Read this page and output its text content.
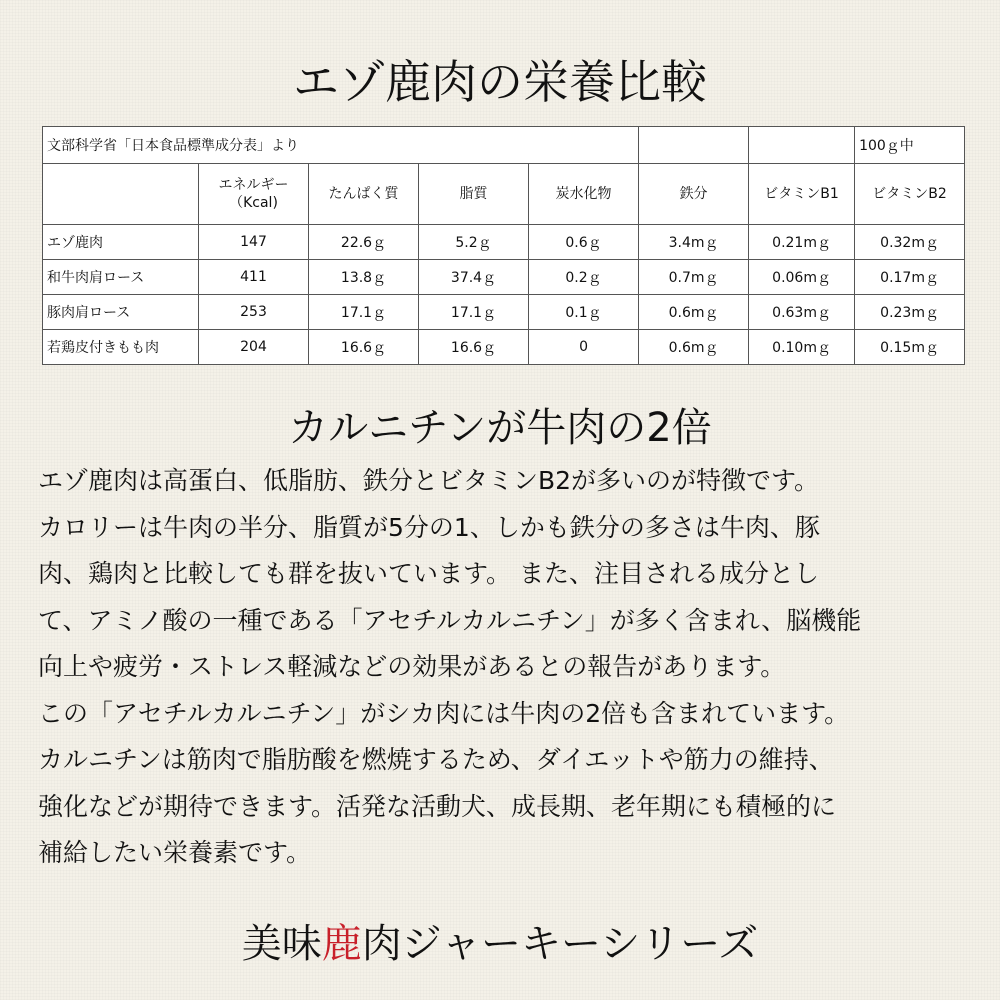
エゾ鹿肉の栄養比較
文部科学省「日本食品標準成分表」より							100ｇ中

	エネルギー
（Kcal)	たんぱく質	脂質	炭水化物	鉄分	ビタミンB1	ビタミンB2
エゾ鹿肉	147	22.6ｇ	5.2ｇ	0.6ｇ	3.4mｇ	0.21mｇ	0.32mｇ
和牛肉肩ロース	411	13.8ｇ	37.4ｇ	0.2ｇ	0.7mｇ	0.06mｇ	0.17mｇ
豚肉肩ロース	253	17.1ｇ	17.1ｇ	0.1ｇ	0.6mｇ	0.63mｇ	0.23mｇ
若鶏皮付きもも肉	204	16.6ｇ	16.6ｇ	0	0.6mｇ	0.10mｇ	0.15mｇ
カルニチンが牛肉の2倍

エゾ鹿肉は高蛋白、低脂肪、鉄分とビタミンB2が多いのが特徴です。
カロリーは牛肉の半分、脂質が5分の1、しかも鉄分の多さは牛肉、豚
肉、鶏肉と比較しても群を抜いています。 また、注目される成分とし
て、アミノ酸の一種である「アセチルカルニチン」が多く含まれ、脳機能
向上や疲労・ストレス軽減などの効果があるとの報告があります。
この「アセチルカルニチン」がシカ肉には牛肉の2倍も含まれています。
カルニチンは筋肉で脂肪酸を燃焼するため、ダイエットや筋力の維持、
強化などが期待できます。活発な活動犬、成長期、老年期にも積極的に
補給したい栄養素です。

美味鹿肉ジャーキーシリーズ
